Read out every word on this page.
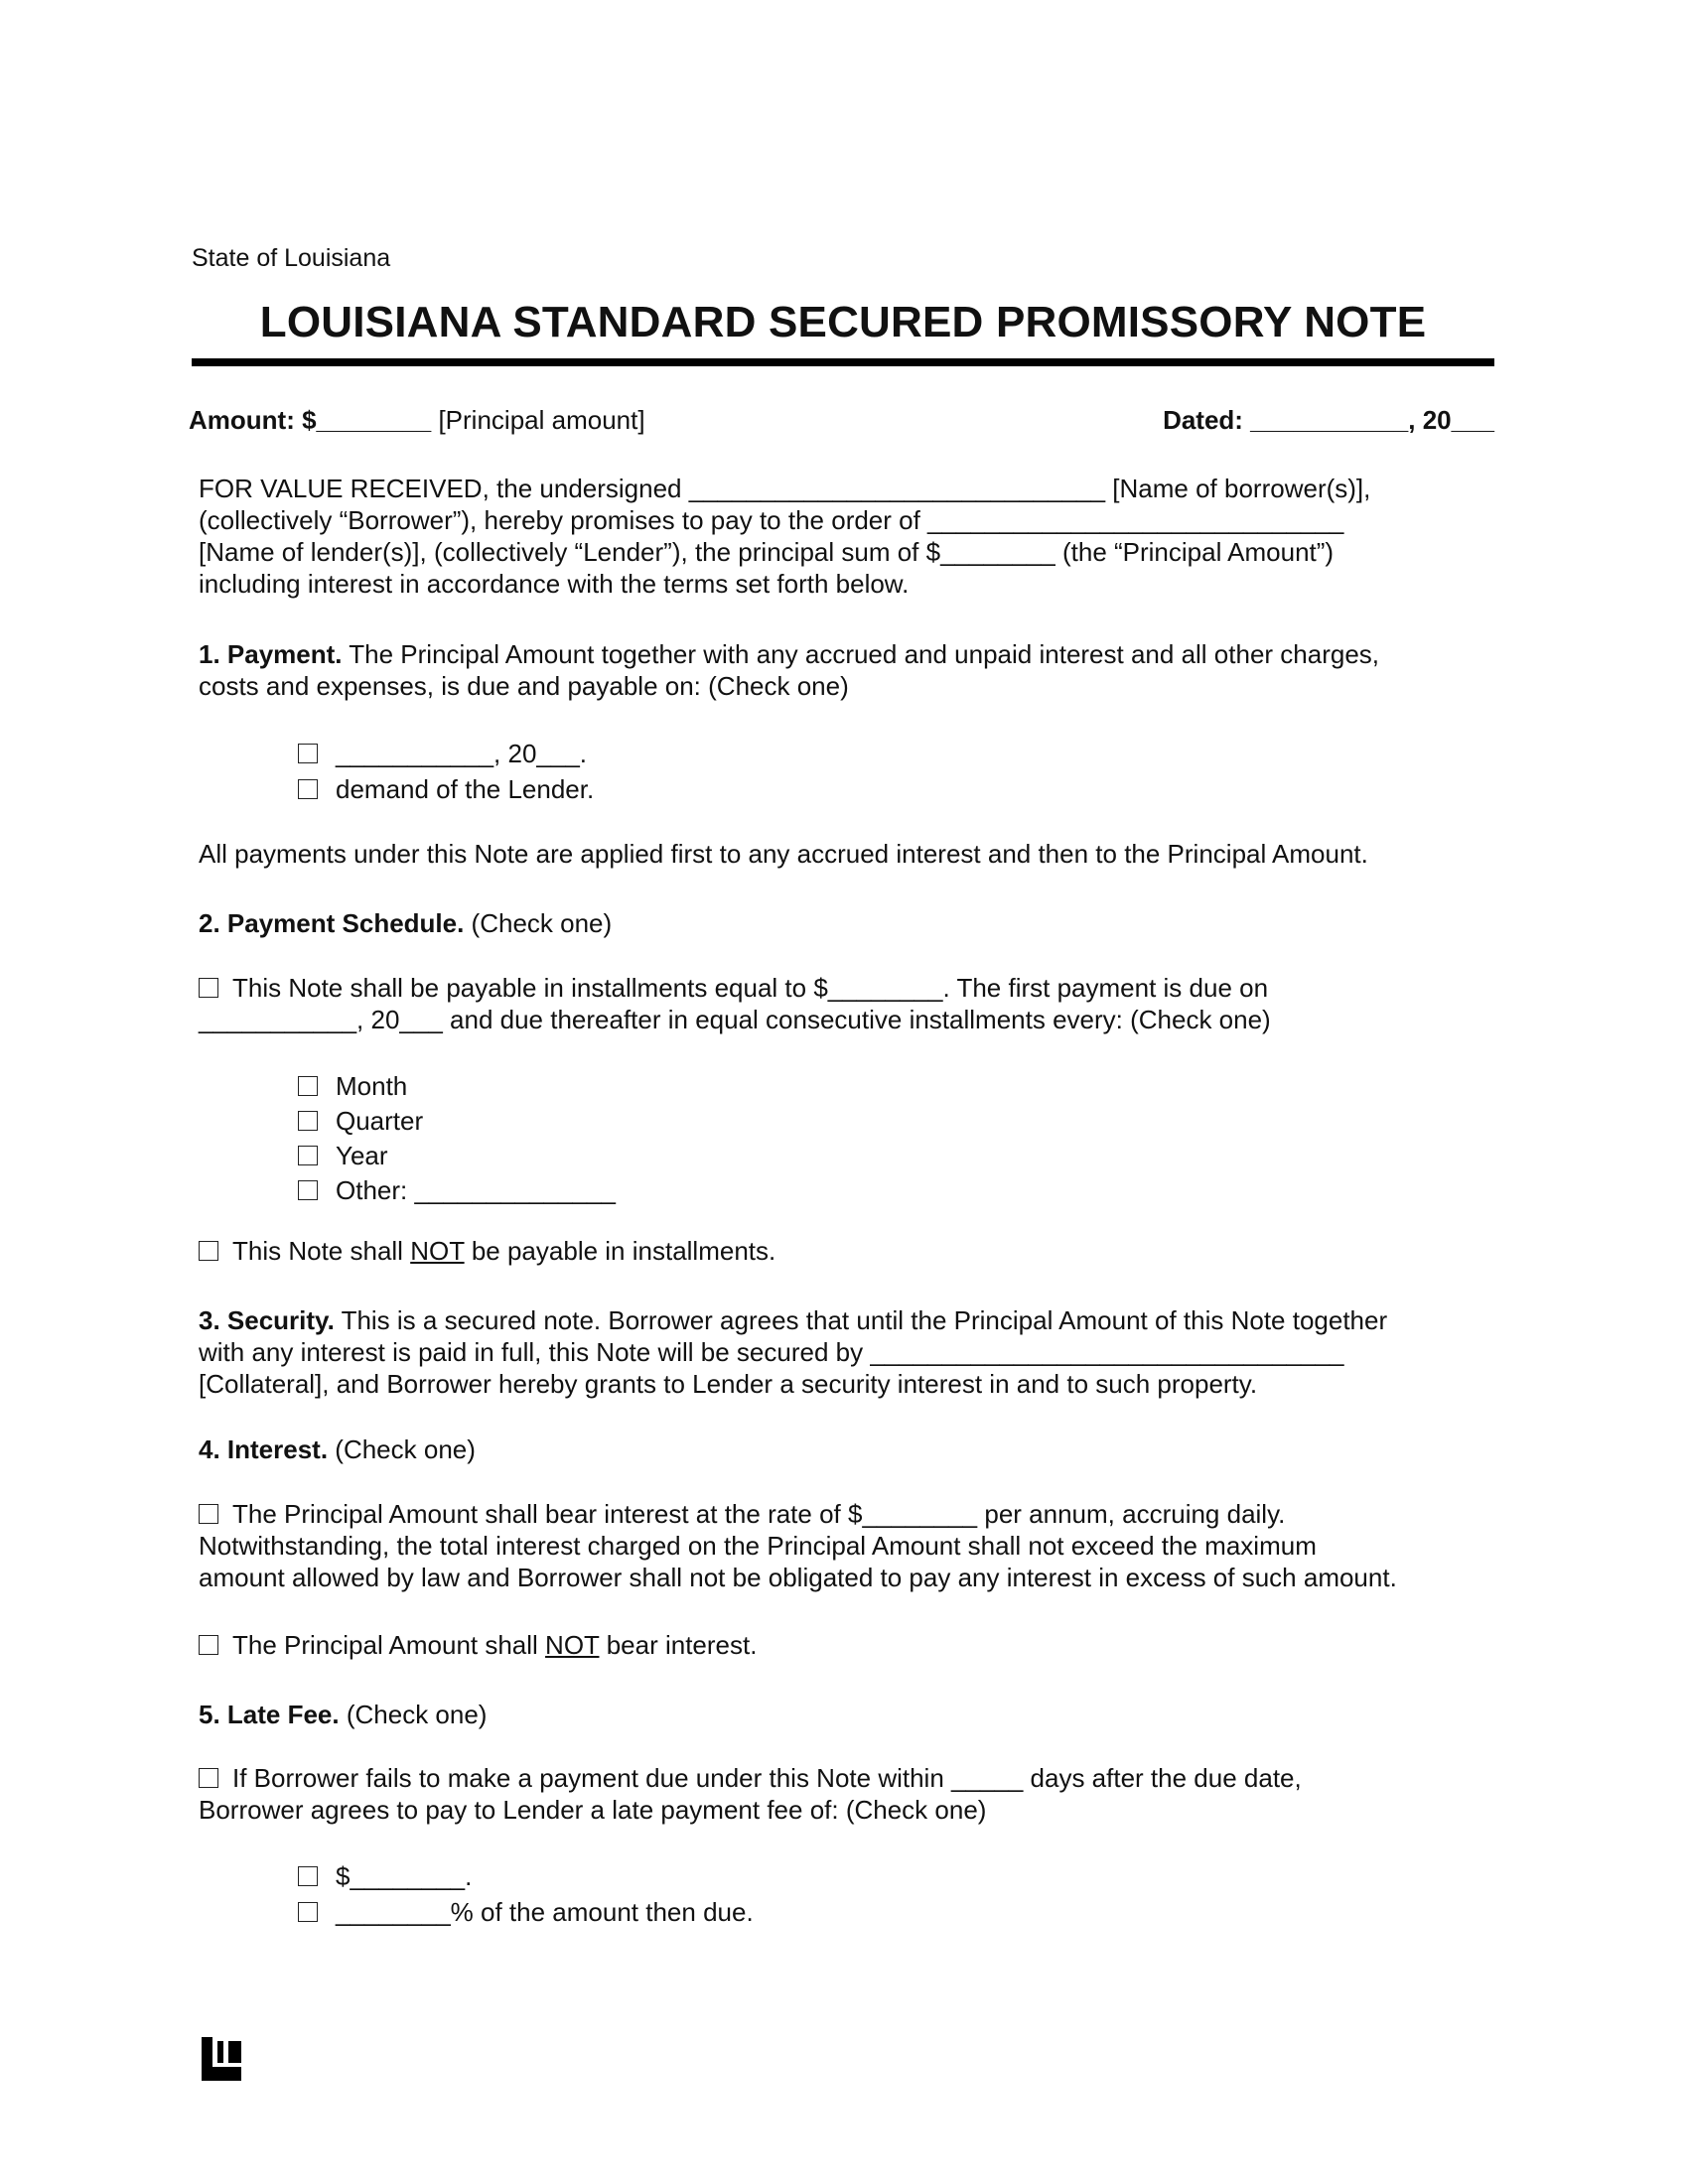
State of Louisiana
LOUISIANA STANDARD SECURED PROMISSORY NOTE
Amount: $________ [Principal amount]	Dated: ___________, 20___
FOR VALUE RECEIVED, the undersigned _____________________________ [Name of borrower(s)],
(collectively “Borrower”), hereby promises to pay to the order of _____________________________
[Name of lender(s)], (collectively “Lender”), the principal sum of $________ (the “Principal Amount”)
including interest in accordance with the terms set forth below.
1. Payment. The Principal Amount together with any accrued and unpaid interest and all other charges,
costs and expenses, is due and payable on: (Check one)
___________, 20___.
demand of the Lender.
All payments under this Note are applied first to any accrued interest and then to the Principal Amount.
2. Payment Schedule. (Check one)
This Note shall be payable in installments equal to $________. The first payment is due on
___________, 20___ and due thereafter in equal consecutive installments every: (Check one)
Month
Quarter
Year
Other: ______________
This Note shall NOT be payable in installments.
3. Security. This is a secured note. Borrower agrees that until the Principal Amount of this Note together
with any interest is paid in full, this Note will be secured by _________________________________
[Collateral], and Borrower hereby grants to Lender a security interest in and to such property.
4. Interest. (Check one)
The Principal Amount shall bear interest at the rate of $________ per annum, accruing daily.
Notwithstanding, the total interest charged on the Principal Amount shall not exceed the maximum
amount allowed by law and Borrower shall not be obligated to pay any interest in excess of such amount.
The Principal Amount shall NOT bear interest.
5. Late Fee. (Check one)
If Borrower fails to make a payment due under this Note within _____ days after the due date,
Borrower agrees to pay to Lender a late payment fee of: (Check one)
$________.
________% of the amount then due.
